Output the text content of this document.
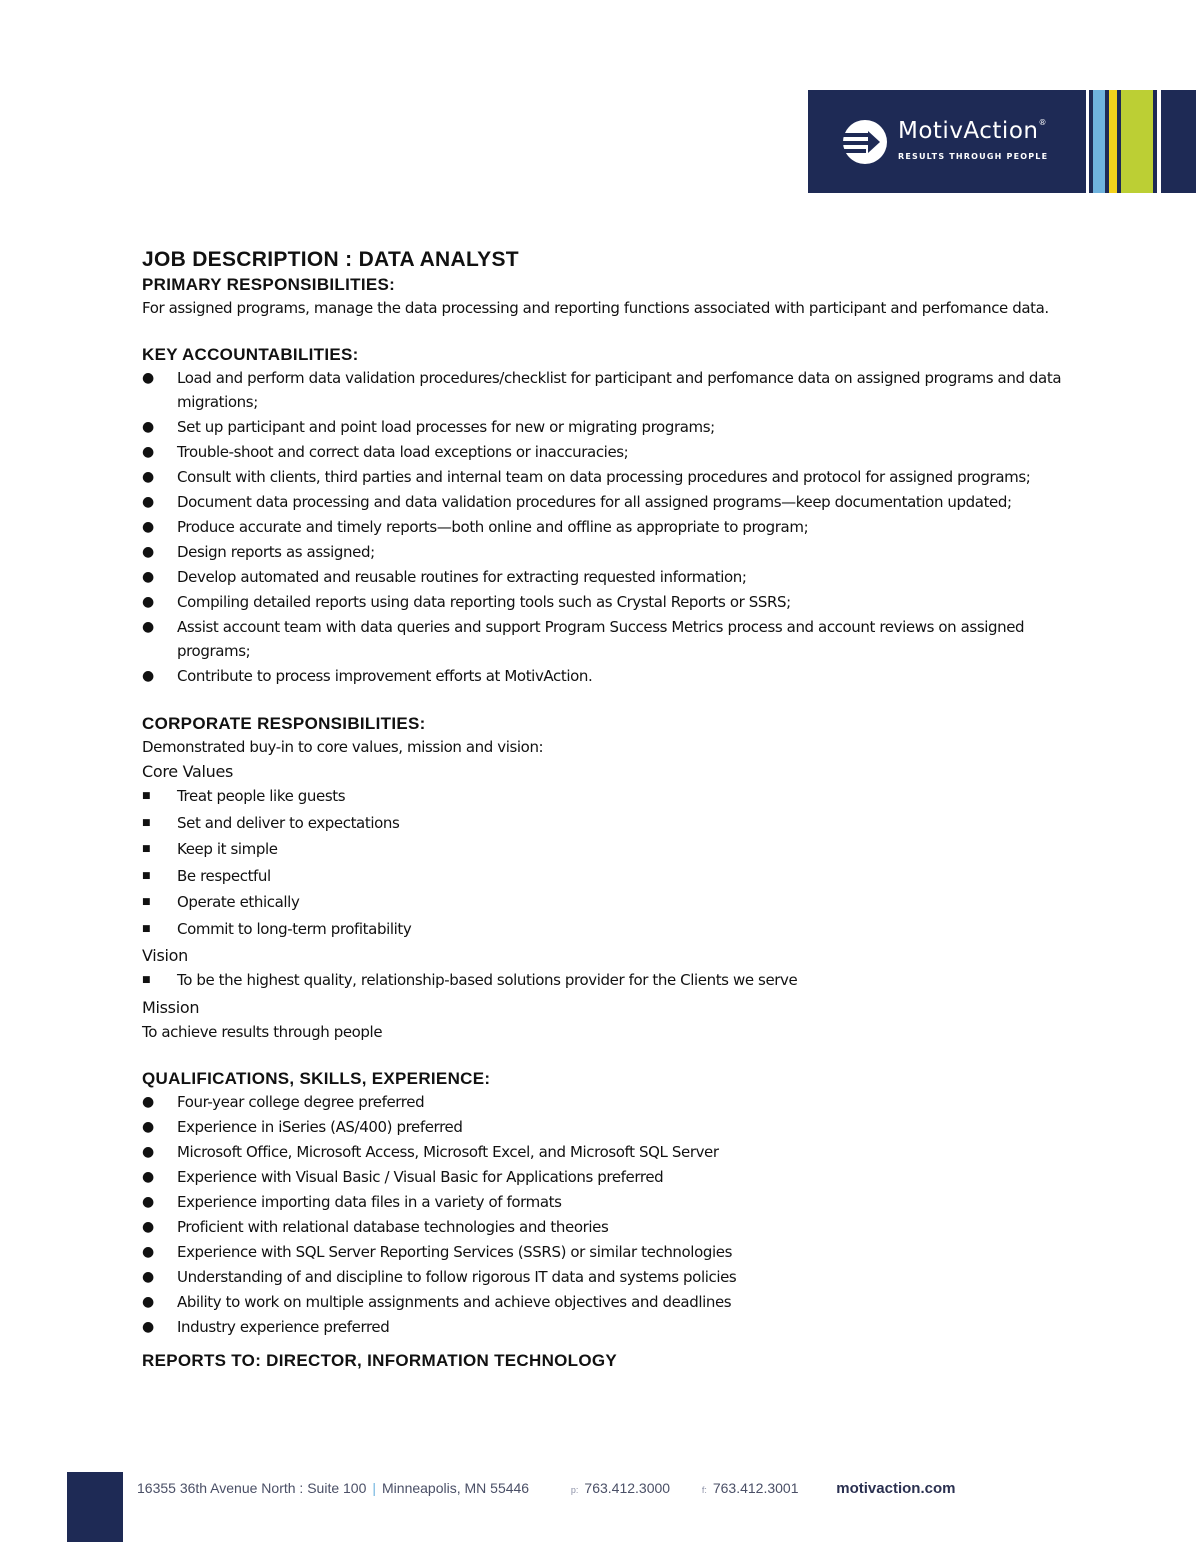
MotivAction®
RESULTS THROUGH PEOPLE
JOB DESCRIPTION : DATA ANALYST
PRIMARY RESPONSIBILITIES:

For assigned programs, manage the data processing and reporting functions associated with participant and perfomance data.

KEY ACCOUNTABILITIES:
●	Load and perform data validation procedures/checklist for participant and perfomance data on assigned programs and data migrations;
●	Set up participant and point load processes for new or migrating programs;
●	Trouble-shoot and correct data load exceptions or inaccuracies;
●	Consult with clients, third parties and internal team on data processing procedures and protocol for assigned programs;
●	Document data processing and data validation procedures for all assigned programs—keep documentation updated;
●	Produce accurate and timely reports—both online and offline as appropriate to program;
●	Design reports as assigned;
●	Develop automated and reusable routines for extracting requested information;
●	Compiling detailed reports using data reporting tools such as Crystal Reports or SSRS;
●	Assist account team with data queries and support Program Success Metrics process and account reviews on assigned programs;
●	Contribute to process improvement efforts at MotivAction.
CORPORATE RESPONSIBILITIES:

Demonstrated buy-in to core values, mission and vision:

Core Values

■	Treat people like guests
■	Set and deliver to expectations
■	Keep it simple
■	Be respectful
■	Operate ethically
■	Commit to long-term profitability

Vision

■	To be the highest quality, relationship-based solutions provider for the Clients we serve

Mission

To achieve results through people

QUALIFICATIONS, SKILLS, EXPERIENCE:
●	Four-year college degree preferred
●	Experience in iSeries (AS/400) preferred
●	Microsoft Office, Microsoft Access, Microsoft Excel, and Microsoft SQL Server
●	Experience with Visual Basic / Visual Basic for Applications preferred
●	Experience importing data files in a variety of formats
●	Proficient with relational database technologies and theories
●	Experience with SQL Server Reporting Services (SSRS) or similar technologies
●	Understanding of and discipline to follow rigorous IT data and systems policies
●	Ability to work on multiple assignments and achieve objectives and deadlines
●	Industry experience preferred
REPORTS TO: DIRECTOR, INFORMATION TECHNOLOGY
16355 36th Avenue North : Suite 100 | Minneapolis, MN 55446	p: 763.412.3000	f: 763.412.3001	motivaction.com
